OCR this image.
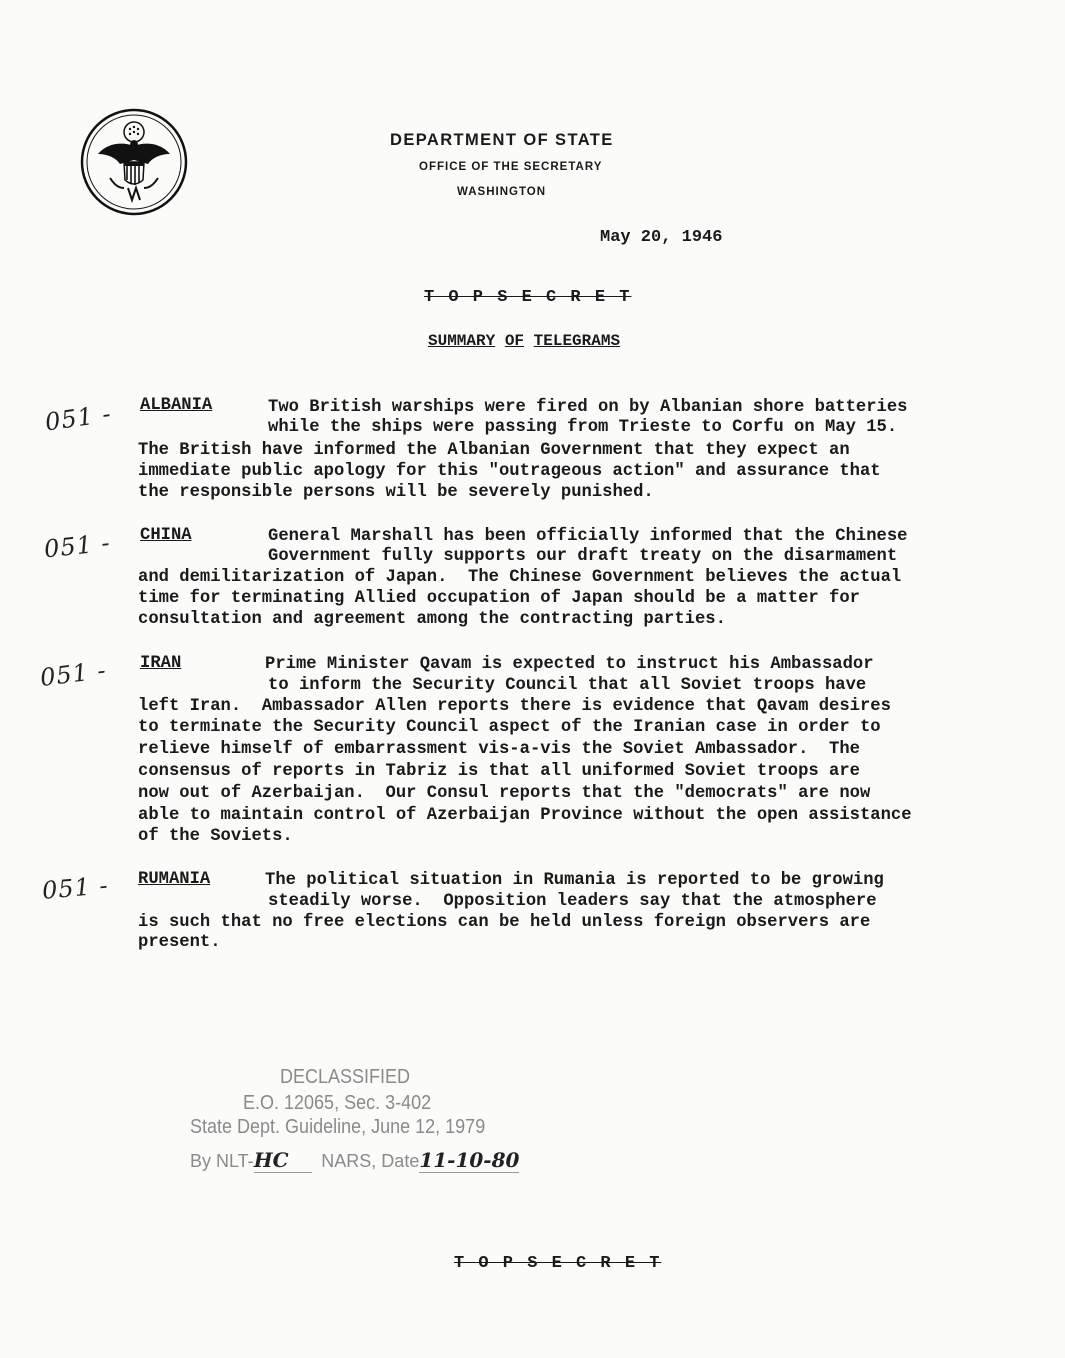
DEPARTMENT OF STATE
OFFICE OF THE SECRETARY
WASHINGTON
May 20, 1946
T O P S E C R E T
SUMMARY OF TELEGRAMS
051 - ALBANIA	Two British warships were fired on by Albanian shore batteries
while the ships were passing from Trieste to Corfu on May 15.
The British have informed the Albanian Government that they expect an
immediate public apology for this "outrageous action" and assurance that
the responsible persons will be severely punished.
051 - CHINA	General Marshall has been officially informed that the Chinese
Government fully supports our draft treaty on the disarmament
and demilitarization of Japan.  The Chinese Government believes the actual
time for terminating Allied occupation of Japan should be a matter for
consultation and agreement among the contracting parties.
051 - IRAN	Prime Minister Qavam is expected to instruct his Ambassador
to inform the Security Council that all Soviet troops have
left Iran.  Ambassador Allen reports there is evidence that Qavam desires
to terminate the Security Council aspect of the Iranian case in order to
relieve himself of embarrassment vis-a-vis the Soviet Ambassador.  The
consensus of reports in Tabriz is that all uniformed Soviet troops are
now out of Azerbaijan.  Our Consul reports that the "democrats" are now
able to maintain control of Azerbaijan Province without the open assistance
of the Soviets.
051 - RUMANIA	The political situation in Rumania is reported to be growing
steadily worse.  Opposition leaders say that the atmosphere
is such that no free elections can be held unless foreign observers are
present.
DECLASSIFIED
E.O. 12065, Sec. 3-402
State Dept. Guideline, June 12, 1979
By NLT-HC NARS, Date11-10-80
T O P S E C R E T
